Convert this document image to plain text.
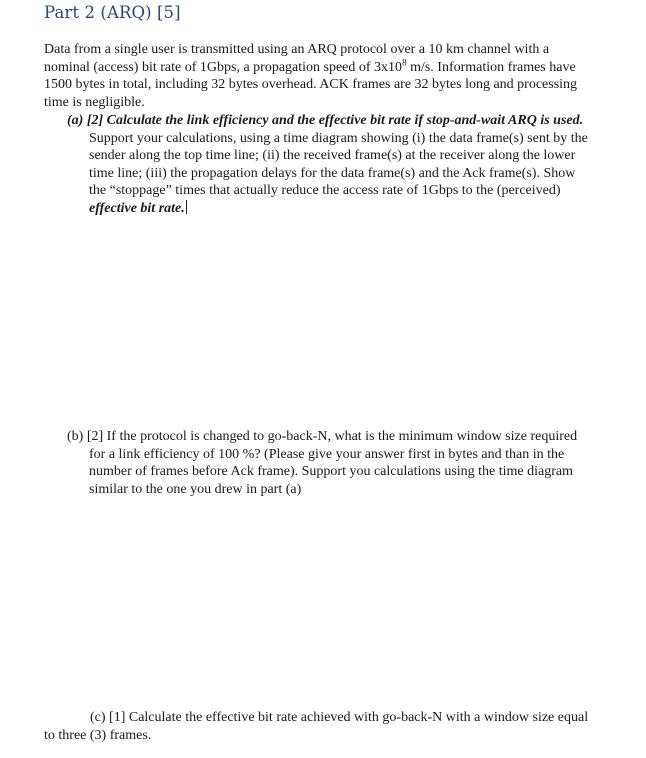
Part 2 (ARQ) [5]
Data from a single user is transmitted using an ARQ protocol over a 10 km channel with a
nominal (access) bit rate of 1Gbps, a propagation speed of $3x10^8$ m/s. Information frames have
1500 bytes in total, including 32 bytes overhead. ACK frames are 32 bytes long and processing
time is negligible.
(a) [2] Calculate the link efficiency and the effective bit rate if stop-and-wait ARQ is used.
Support your calculations, using a time diagram showing (i) the data frame(s) sent by the
sender along the top time line; (ii) the received frame(s) at the receiver along the lower
time line; (iii) the propagation delays for the data frame(s) and the Ack frame(s). Show
the “stoppage” times that actually reduce the access rate of 1Gbps to the (perceived)
effective bit rate.
(b) [2] If the protocol is changed to go-back-N, what is the minimum window size required
for a link efficiency of 100 %? (Please give your answer first in bytes and than in the
number of frames before Ack frame). Support you calculations using the time diagram
similar to the one you drew in part (a)
(c) [1] Calculate the effective bit rate achieved with go-back-N with a window size equal
to three (3) frames.
